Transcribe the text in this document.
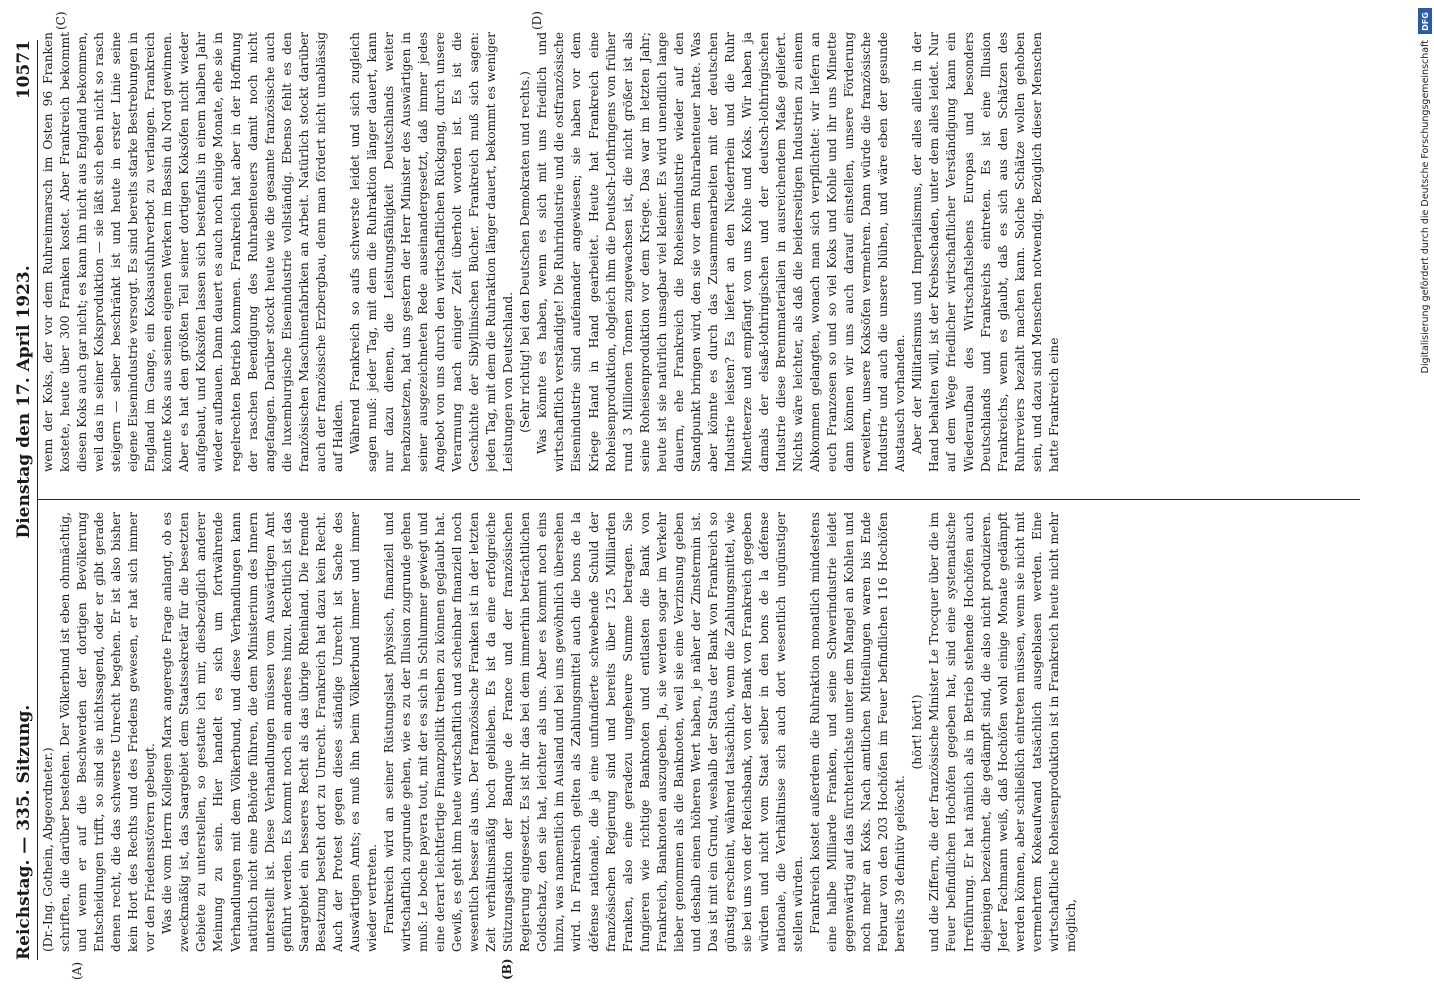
Reichstag. — 335. Sitzung.
Dienstag den 17. April 1923.
10571
(A)	(B)
(C)	(D)

(Dr.-Ing. Gothein, Abgeordneter.) schriften, die darüber bestehen. Der Völkerbund ist eben ohnmächtig, und wenn er auf die Beschwerden der dortigen Bevölkerung Entscheidungen trifft, so sind sie nichtssagend, oder er gibt gerade denen recht, die das schwerste Unrecht begehen. Er ist also bisher kein Hort des Rechts und des Friedens gewesen, er hat sich immer vor den Friedensstörern gebeugt. Was die vom Herrn Kollegen Marx angeregte Frage anlangt, ob es zweckmäßig ist, das Saargebiet dem Staatssekretär für die besetzten Gebiete zu unterstellen, so gestatte ich mir, diesbezüglich anderer Meinung zu sein. Hier handelt es sich um fortwährende Verhandlungen mit dem Völkerbund, und diese Verhandlungen kann natürlich nicht eine Behörde führen, die dem Ministerium des Innern unterstellt ist. Diese Verhandlungen müssen vom Auswärtigen Amt geführt werden. Es kommt noch ein anderes hinzu. Rechtlich ist das Saargebiet ein besseres Recht als das übrige Rheinland. Die fremde Besatzung besteht dort zu Unrecht. Frankreich hat dazu kein Recht. Auch der Protest gegen dieses ständige Unrecht ist Sache des Auswärtigen Amts; es muß ihn beim Völkerbund immer und immer wieder vertreten. Frankreich wird an seiner Rüstungslast physisch, finanziell und wirtschaftlich zugrunde gehen, wie es zu der Illusion zugrunde gehen muß: Le boche payera tout, mit der es sich in Schlummer gewiegt und eine derart leichtfertige Finanzpolitik treiben zu können geglaubt hat. Gewiß, es geht ihm heute wirtschaftlich und scheinbar finanziell noch wesentlich besser als uns. Der französische Franken ist in der letzten Zeit verhältnismäßig hoch geblieben. Es ist da eine erfolgreiche Stützungsaktion der Banque de France und der französischen Regierung eingesetzt. Es ist ihr das bei dem immerhin beträchtlichen Goldschatz, den sie hat, leichter als uns. Aber es kommt noch eins hinzu, was namentlich im Ausland und bei uns gewöhnlich übersehen wird. In Frankreich gelten als Zahlungsmittel auch die bons de la défense nationale, die ja eine unfundierte schwebende Schuld der französischen Regierung sind und bereits über 125 Milliarden Franken, also eine geradezu ungeheure Summe betragen. Sie fungieren wie richtige Banknoten und entlasten die Bank von Frankreich, Banknoten auszugeben. Ja, sie werden sogar im Verkehr lieber genommen als die Banknoten, weil sie eine Verzinsung geben und deshalb einen höheren Wert haben, je näher der Zinstermin ist. Das ist mit ein Grund, weshalb der Status der Bank von Frankreich so günstig erscheint, während tatsächlich, wenn die Zahlungsmittel, wie sie bei uns von der Reichsbank, von der Bank von Frankreich gegeben würden und nicht vom Staat selber in den bons de la défense nationale, die Verhältnisse sich auch dort wesentlich ungünstiger stellen würden. Frankreich kostet außerdem die Ruhraktion monatlich mindestens eine halbe Milliarde Franken, und seine Schwerindustrie leidet gegenwärtig auf das fürchterlichste unter dem Mangel an Kohlen und noch mehr an Koks. Nach amtlichen Mitteilungen waren bis Ende Februar von den 203 Hochöfen im Feuer befindlichen 116 Hochöfen bereits 39 definitiv gelöscht.

(hört! hört!) und die Ziffern, die der französische Minister Le Trocquer über die im Feuer befindlichen Hochöfen gegeben hat, sind eine systematische Irreführung. Er hat nämlich als in Betrieb stehende Hochöfen auch diejenigen bezeichnet, die gedämpft sind, die also nicht produzieren. Jeder Fachmann weiß, daß Hochöfen wohl einige Monate gedämpft werden können, aber schließlich eintreten müssen, wenn sie nicht mit vermehrtem Kokeaufwand tatsächlich ausgeblasen werden. Eine wirtschaftliche Roheisenproduktion ist in Frankreich heute nicht mehr möglich,

wenn der Koks, der vor dem Ruhreinmarsch im Osten 96 Franken kostete, heute über 300 Franken kostet. Aber Frankreich bekommt diesen Koks auch gar nicht; es kann ihn nicht aus England bekommen, weil das in seiner Koksproduktion — sie läßt sich eben nicht so rasch steigern — selber beschränkt ist und heute in erster Linie seine eigene Eisenindustrie versorgt. Es sind bereits starke Bestrebungen in England im Gange, ein Koksausfuhrverbot zu verlangen. Frankreich könnte Koks aus seinen eigenen Werken im Bassin du Nord gewinnen. Aber es hat den größten Teil seiner dortigen Koksöfen nicht wieder aufgebaut, und Koksöfen lassen sich bestenfalls in einem halben Jahr wieder aufbauen. Dann dauert es auch noch einige Monate, ehe sie in regelrechten Betrieb kommen. Frankreich hat aber in der Hoffnung der raschen Beendigung des Ruhrabenteuers damit noch nicht angefangen. Darüber stockt heute wie die gesamte französische auch die luxemburgische Eisenindustrie vollständig. Ebenso fehlt es den französischen Maschinenfabriken an Arbeit. Natürlich stockt darüber auch der französische Erzbergbau, denn man fördert nicht unablässig auf Halden. Während Frankreich so aufs schwerste leidet und sich zugleich sagen muß: jeder Tag, mit dem die Ruhraktion länger dauert, kann nur dazu dienen, die Leistungsfähigkeit Deutschlands weiter herabzusetzen, hat uns gestern der Herr Minister des Auswärtigen in seiner ausgezeichneten Rede auseinandergesetzt, daß immer jedes Angebot von uns durch den wirtschaftlichen Rückgang, durch unsere Verarmung nach einiger Zeit überholt worden ist. Es ist die Geschichte der Sibyllinischen Bücher. Frankreich muß sich sagen: jeden Tag, mit dem die Ruhraktion länger dauert, bekommt es weniger Leistungen von Deutschland. (Sehr richtig! bei den Deutschen Demokraten und rechts.) Was könnte es haben, wenn es sich mit uns friedlich und wirtschaftlich verständigte! Die Ruhrindustrie und die ostfranzösische Eisenindustrie sind aufeinander angewiesen; sie haben vor dem Kriege Hand in Hand gearbeitet. Heute hat Frankreich eine Roheisenproduktion, obgleich ihm die Deutsch-Lothringens von früher rund 3 Millionen Tonnen zugewachsen ist, die nicht größer ist als seine Roheisenproduktion vor dem Kriege. Das war im letzten Jahr; heute ist sie natürlich unsagbar viel kleiner. Es wird unendlich lange dauern, ehe Frankreich die Roheisenindustrie wieder auf den Standpunkt bringen wird, den sie vor dem Ruhrabenteuer hatte. Was aber könnte es durch das Zusammenarbeiten mit der deutschen Industrie leisten? Es liefert an den Niederrhein und die Ruhr Minetteerze und empfängt von uns Kohle und Koks. Wir haben ja damals der elsaß-lothringischen und der deutsch-lothringischen Industrie diese Brennmaterialien in ausreichendem Maße geliefert. Nichts wäre leichter, als daß die beiderseitigen Industrien zu einem Abkommen gelangten, wonach man sich verpflichtet: wir liefern an euch Franzosen so und so viel Koks und Kohle und ihr uns Minette dann können wir uns auch darauf einstellen, unsere Förderung erweitern, unsere Koksöfen vermehren. Dann würde die französische Industrie und auch die unsere blühen, und wäre eben der gesunde Austausch vorhanden. Aber der Militarismus und Imperialismus, der alles allein in der Hand behalten will, ist der Krebsschaden, unter dem alles leidet. Nur auf dem Wege friedlicher wirtschaftlicher Verständigung kann ein Wiederaufbau des Wirtschaftslebens Europas und besonders Deutschlands und Frankreichs eintreten. Es ist eine Illusion Frankreichs, wenn es glaubt, daß es sich aus den Schätzen des Ruhrreviers bezahlt machen kann. Solche Schätze wollen gehoben sein, und dazu sind Menschen notwendig. Bezüglich dieser Menschen hatte Frankreich eine

DFG
Digitalisierung gefördert durch die Deutsche Forschungsgemeinschaft
